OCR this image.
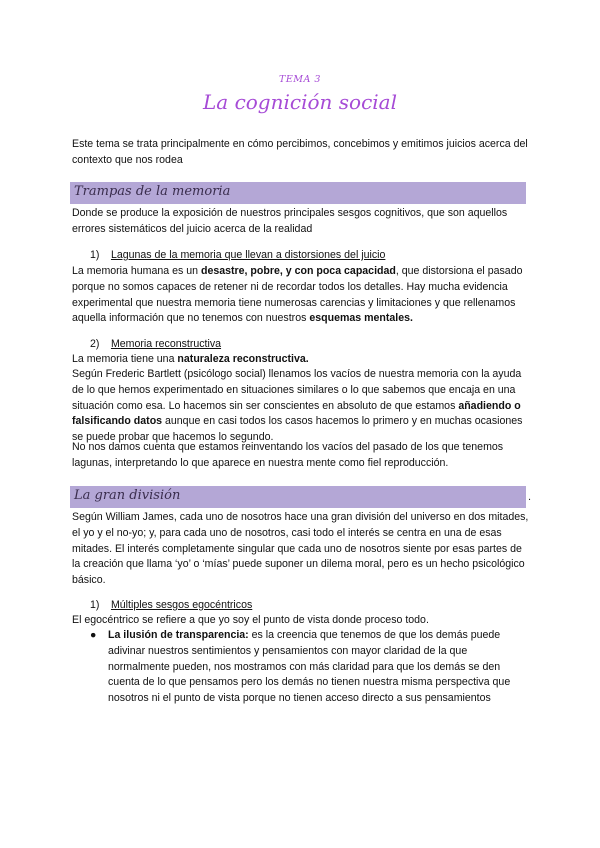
TEMA 3
La cognición social
Este tema se trata principalmente en cómo percibimos, concebimos y emitimos juicios acerca del contexto que nos rodea
Trampas de la memoria
Donde se produce la exposición de nuestros principales sesgos cognitivos, que son aquellos errores sistemáticos del juicio acerca de la realidad
1) Lagunas de la memoria que llevan a distorsiones del juicio
La memoria humana es un desastre, pobre, y con poca capacidad, que distorsiona el pasado porque no somos capaces de retener ni de recordar todos los detalles. Hay mucha evidencia experimental que nuestra memoria tiene numerosas carencias y limitaciones y que rellenamos aquella información que no tenemos con nuestros esquemas mentales.
2) Memoria reconstructiva
La memoria tiene una naturaleza reconstructiva.
Según Frederic Bartlett (psicólogo social) llenamos los vacíos de nuestra memoria con la ayuda de lo que hemos experimentado en situaciones similares o lo que sabemos que encaja en una situación como esa. Lo hacemos sin ser conscientes en absoluto de que estamos añadiendo o falsificando datos aunque en casi todos los casos hacemos lo primero y en muchas ocasiones se puede probar que hacemos lo segundo.
No nos damos cuenta que estamos reinventando los vacíos del pasado de los que tenemos lagunas, interpretando lo que aparece en nuestra mente como fiel reproducción.
La gran división	.
Según William James, cada uno de nosotros hace una gran división del universo en dos mitades, el yo y el no-yo; y, para cada uno de nosotros, casi todo el interés se centra en una de esas mitades. El interés completamente singular que cada uno de nosotros siente por esas partes de la creación que llama ‘yo’ o ‘mías’ puede suponer un dilema moral, pero es un hecho psicológico básico.
1) Múltiples sesgos egocéntricos
El egocéntrico se refiere a que yo soy el punto de vista donde proceso todo.
●	La ilusión de transparencia: es la creencia que tenemos de que los demás puede adivinar nuestros sentimientos y pensamientos con mayor claridad de la que normalmente pueden, nos mostramos con más claridad para que los demás se den cuenta de lo que pensamos pero los demás no tienen nuestra misma perspectiva que nosotros ni el punto de vista porque no tienen acceso directo a sus pensamientos
